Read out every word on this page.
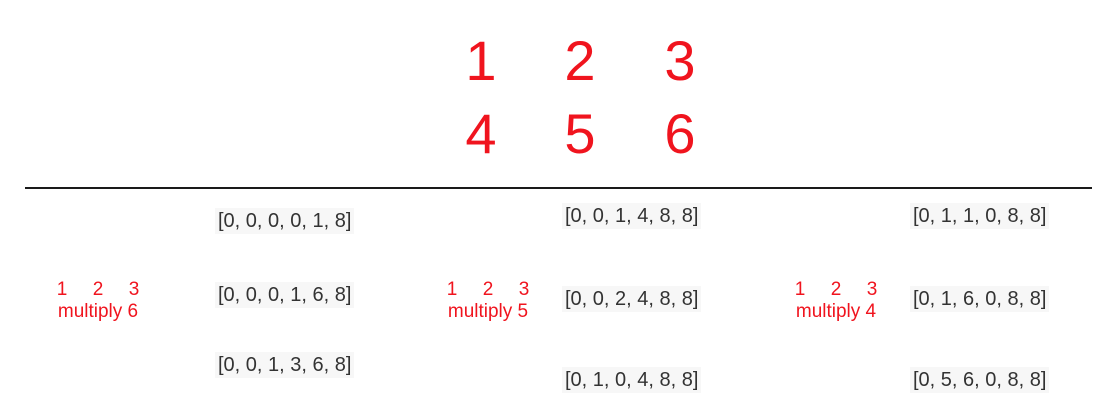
1 2 3
4 5 6
1 2 3
multiply 6
[0, 0, 0, 0, 1, 8]
[0, 0, 0, 1, 6, 8]
[0, 0, 1, 3, 6, 8]
1 2 3
multiply 5
[0, 0, 1, 4, 8, 8]
[0, 0, 2, 4, 8, 8]
[0, 1, 0, 4, 8, 8]
1 2 3
multiply 4
[0, 1, 1, 0, 8, 8]
[0, 1, 6, 0, 8, 8]
[0, 5, 6, 0, 8, 8]
